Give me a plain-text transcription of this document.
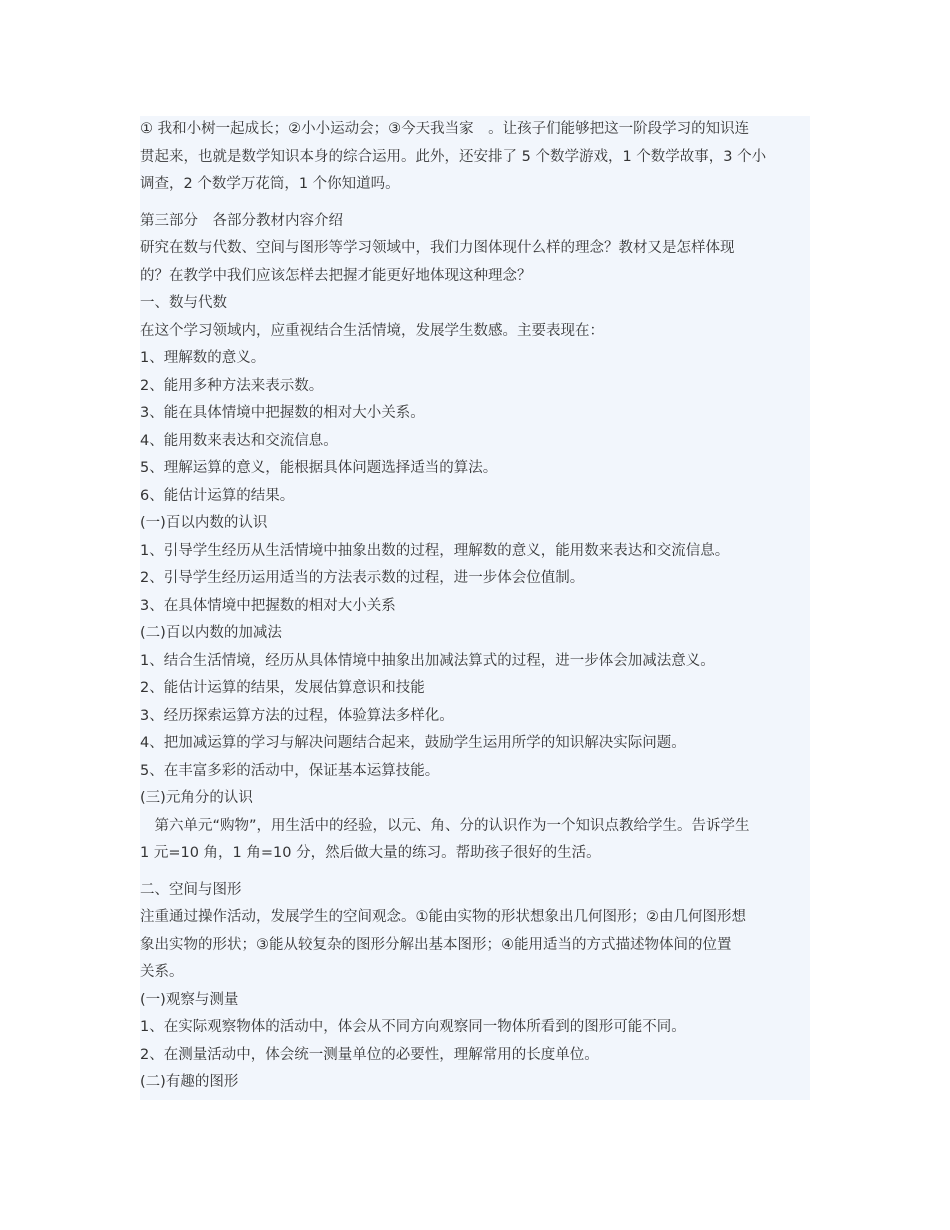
① 我和小树一起成长；②小小运动会；③今天我当家　。让孩子们能够把这一阶段学习的知识连

贯起来，也就是数学知识本身的综合运用。此外，还安排了 5 个数学游戏，1 个数学故事，3 个小

调查，2 个数学万花筒，1 个你知道吗。

第三部分　各部分教材内容介绍

研究在数与代数、空间与图形等学习领域中，我们力图体现什么样的理念？教材又是怎样体现

的？在教学中我们应该怎样去把握才能更好地体现这种理念？

一、数与代数

在这个学习领域内，应重视结合生活情境，发展学生数感。主要表现在：

1、理解数的意义。

2、能用多种方法来表示数。

3、能在具体情境中把握数的相对大小关系。

4、能用数来表达和交流信息。

5、理解运算的意义，能根据具体问题选择适当的算法。

6、能估计运算的结果。

(一)百以内数的认识

1、引导学生经历从生活情境中抽象出数的过程，理解数的意义，能用数来表达和交流信息。

2、引导学生经历运用适当的方法表示数的过程，进一步体会位值制。

3、在具体情境中把握数的相对大小关系

(二)百以内数的加减法

1、结合生活情境，经历从具体情境中抽象出加减法算式的过程，进一步体会加减法意义。

2、能估计运算的结果，发展估算意识和技能

3、经历探索运算方法的过程，体验算法多样化。

4、把加减运算的学习与解决问题结合起来，鼓励学生运用所学的知识解决实际问题。

5、在丰富多彩的活动中，保证基本运算技能。

(三)元角分的认识

　第六单元“购物”，用生活中的经验，以元、角、分的认识作为一个知识点教给学生。告诉学生

1 元=10 角，1 角=10 分，然后做大量的练习。帮助孩子很好的生活。

二、空间与图形

注重通过操作活动，发展学生的空间观念。①能由实物的形状想象出几何图形；②由几何图形想

象出实物的形状；③能从较复杂的图形分解出基本图形；④能用适当的方式描述物体间的位置

关系。

(一)观察与测量

1、在实际观察物体的活动中，体会从不同方向观察同一物体所看到的图形可能不同。

2、在测量活动中，体会统一测量单位的必要性，理解常用的长度单位。

(二)有趣的图形
